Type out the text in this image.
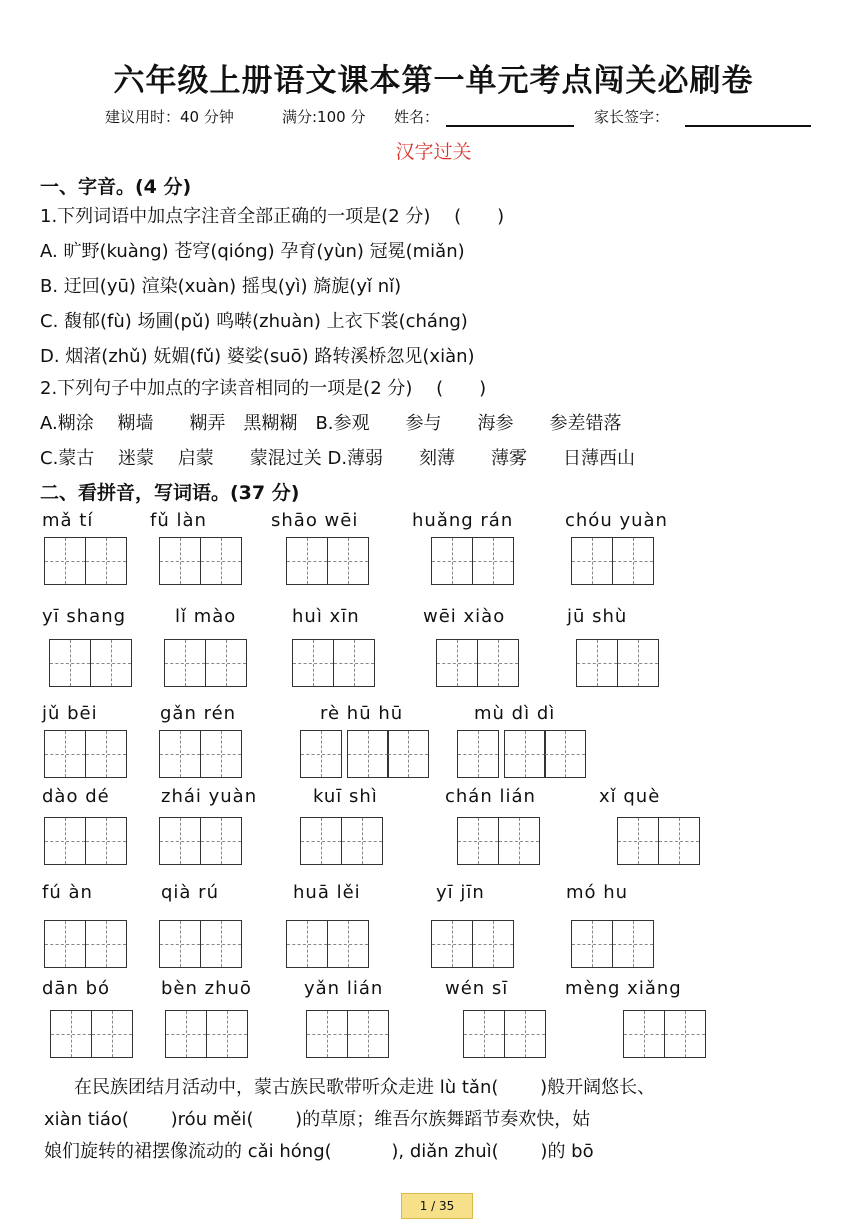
六年级上册语文课本第一单元考点闯关必刷卷
建议用时：40 分钟	满分:100 分 姓名：	家长签字：
汉字过关
一、字音。(4 分)
1.下列词语中加点字注音全部正确的一项是(2 分)　 (　　)
A. 旷野(kuàng) 苍穹(qióng) 孕育(yùn) 冠冕(miǎn)
B. 迂回(yū) 渲染(xuàn) 摇曳(yì) 旖旎(yǐ nǐ)
C. 馥郁(fù) 场圃(pǔ) 鸣啭(zhuàn) 上衣下裳(cháng)
D. 烟渚(zhǔ) 妩媚(fǔ) 婆娑(suō) 路转溪桥忽见(xiàn)
2.下列句子中加点的字读音相同的一项是(2 分)　 (　　)
A.糊涂　 糊墙　　糊弄　黑糊糊　B.参观　　参与　　海参　　参差错落
C.蒙古　 迷蒙　 启蒙　　蒙混过关 D.薄弱　　刻薄　　薄雾　　日薄西山
二、看拼音，写词语。(37 分)
mǎ tí	fǔ làn	shāo wēi	huǎng rán	chóu yuàn
yī shang	lǐ mào	huì xīn	wēi xiào	jū shù
jǔ bēi	gǎn rén	rè hū hū	mù dì dì
dào dé	zhái yuàn	kuī shì	chán lián	xǐ què
fú àn	qià rú	huā lěi	yī jīn	mó hu
dān bó	bèn zhuō	yǎn lián	wén sī	mèng xiǎng
在民族团结月活动中，蒙古族民歌带听众走进 lù tǎn(　　 )般开阔悠长、
xiàn tiáo(　　 )róu měi(　　 )的草原；维吾尔族舞蹈节奏欢快，姑
娘们旋转的裙摆像流动的 cǎi hóng(　　　 ), diǎn zhuì(　　 )的 bō
1 / 35
